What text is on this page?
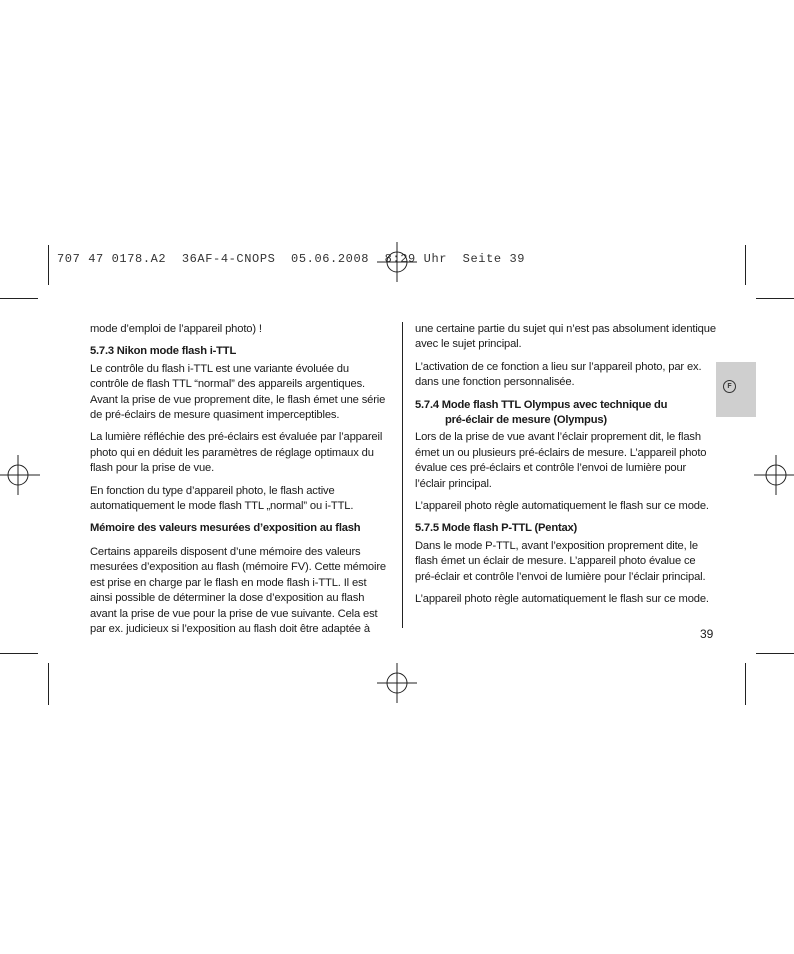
707 47 0178.A2  36AF-4-CNOPS  05.06.2008  8:29 Uhr  Seite 39
F

mode d’emploi de l’appareil photo) !

5.7.3 Nikon mode flash i-TTL

Le contrôle du flash i-TTL est une variante évoluée du contrôle de flash TTL “normal” des appareils argentiques. Avant la prise de vue proprement dite, le flash émet une série de pré-éclairs de mesure quasiment imperceptibles.

La lumière réfléchie des pré-éclairs est évaluée par l’appareil photo qui en déduit les paramètres de réglage optimaux du flash pour la prise de vue.

En fonction du type d’appareil photo, le flash active automatiquement le mode flash TTL „normal” ou i-TTL.

Mémoire des valeurs mesurées d’exposition au flash

Certains appareils disposent d’une mémoire des valeurs mesurées d’exposition au flash (mémoire FV). Cette mémoire est prise en charge par le flash en mode flash i-TTL. Il est ainsi possible de déterminer la dose d’exposition au flash avant la prise de vue pour la prise de vue suivante. Cela est par ex. judicieux si l’exposition au flash doit être adaptée à

une certaine partie du sujet qui n’est pas absolument identique avec le sujet principal.

L’activation de ce fonction a lieu sur l’appareil photo, par ex. dans une fonction personnalisée.

5.7.4 Mode flash TTL Olympus avec technique du
pré-éclair de mesure (Olympus)

Lors de la prise de vue avant l’éclair proprement dit, le flash émet un ou plusieurs pré-éclairs de mesure. L’appareil photo évalue ces pré-éclairs et contrôle l’envoi de lumière pour l’éclair principal.

L’appareil photo règle automatiquement le flash sur ce mode.

5.7.5 Mode flash P-TTL (Pentax)

Dans le mode P-TTL, avant l’exposition proprement dite, le flash émet un éclair de mesure. L’appareil photo évalue ce pré-éclair et contrôle l’envoi de lumière pour l’éclair principal.

L’appareil photo règle automatiquement le flash sur ce mode.

39
